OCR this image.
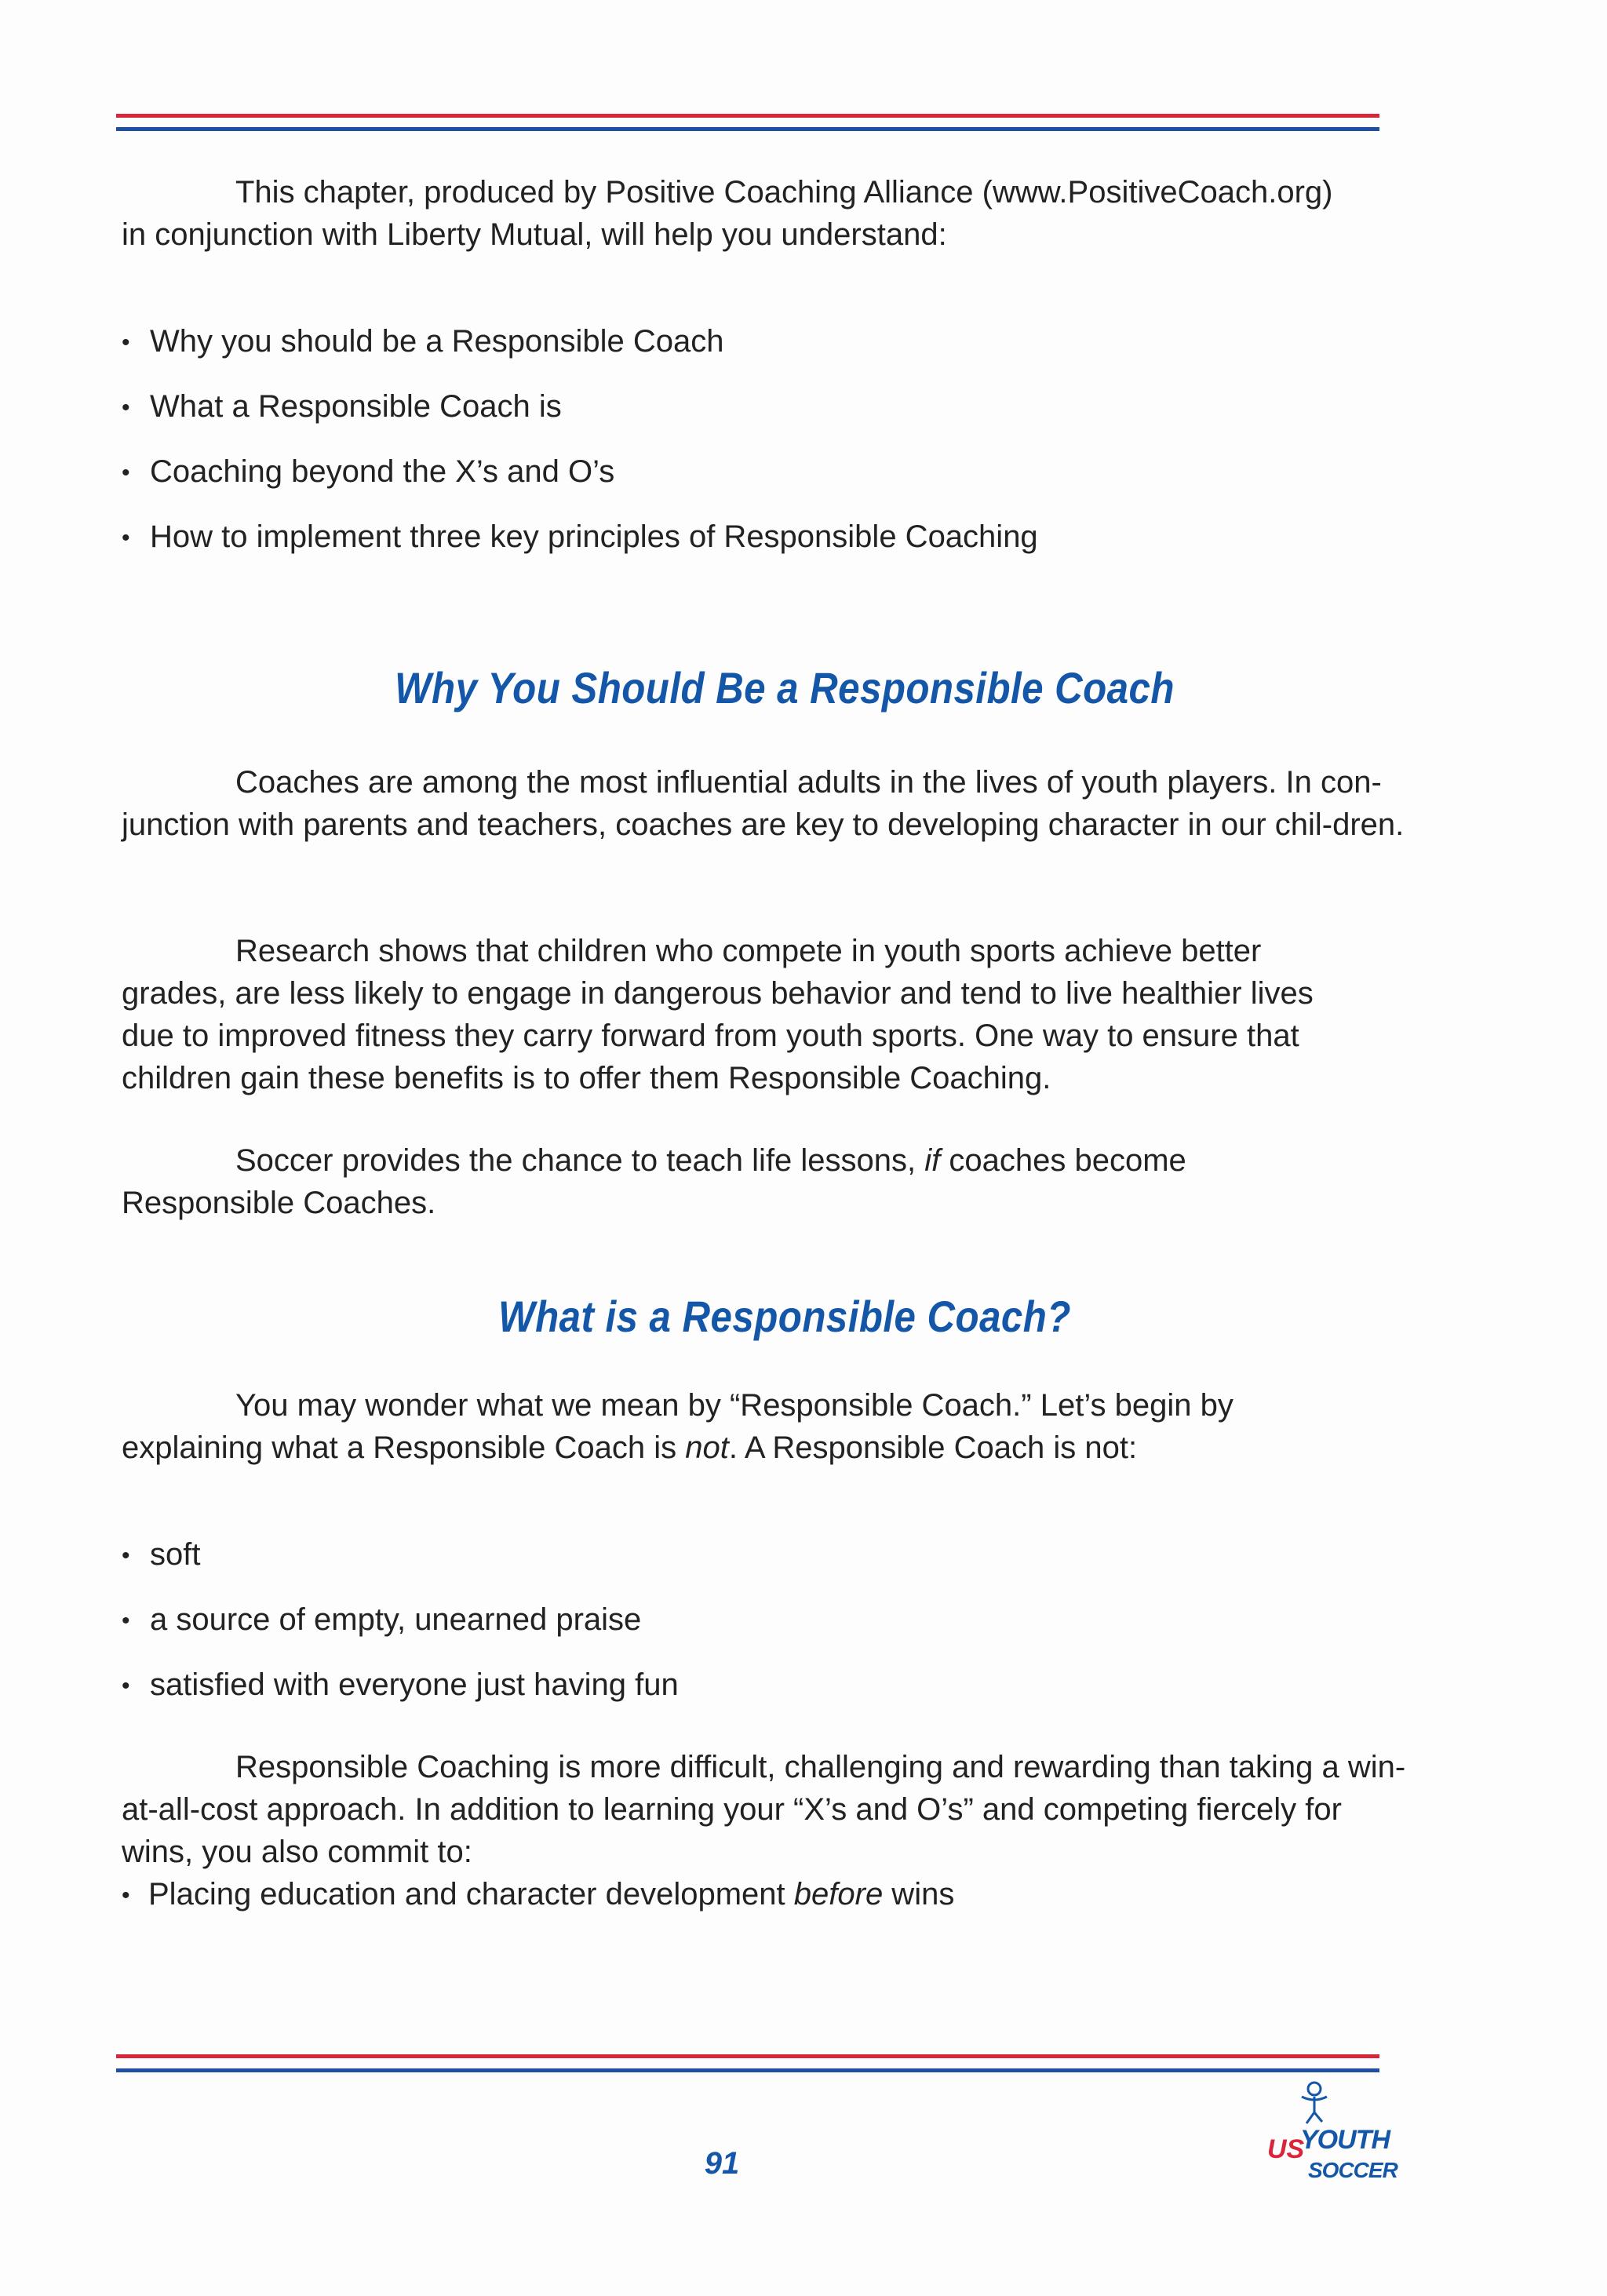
This chapter, produced by Positive Coaching Alliance (www.PositiveCoach.org)
in conjunction with Liberty Mutual, will help you understand:
• Why you should be a Responsible Coach
• What a Responsible Coach is
• Coaching beyond the X’s and O’s
• How to implement three key principles of Responsible Coaching
Why You Should Be a Responsible Coach
Coaches are among the most influential adults in the lives of youth players. In con-junction with parents and teachers, coaches are key to developing character in our chil-dren.
Research shows that children who compete in youth sports achieve better grades, are less likely to engage in dangerous behavior and tend to live healthier lives due to improved fitness they carry forward from youth sports. One way to ensure that children gain these benefits is to offer them Responsible Coaching.
Soccer provides the chance to teach life lessons, if coaches become Responsible Coaches.
What is a Responsible Coach?
You may wonder what we mean by “Responsible Coach.” Let’s begin by explaining what a Responsible Coach is not. A Responsible Coach is not:
• soft
• a source of empty, unearned praise
• satisfied with everyone just having fun
Responsible Coaching is more difficult, challenging and rewarding than taking a win-at-all-cost approach. In addition to learning your “X’s and O’s” and competing fiercely for wins, you also commit to:
• Placing education and character development before wins
91	US
YOUTH
SOCCER
